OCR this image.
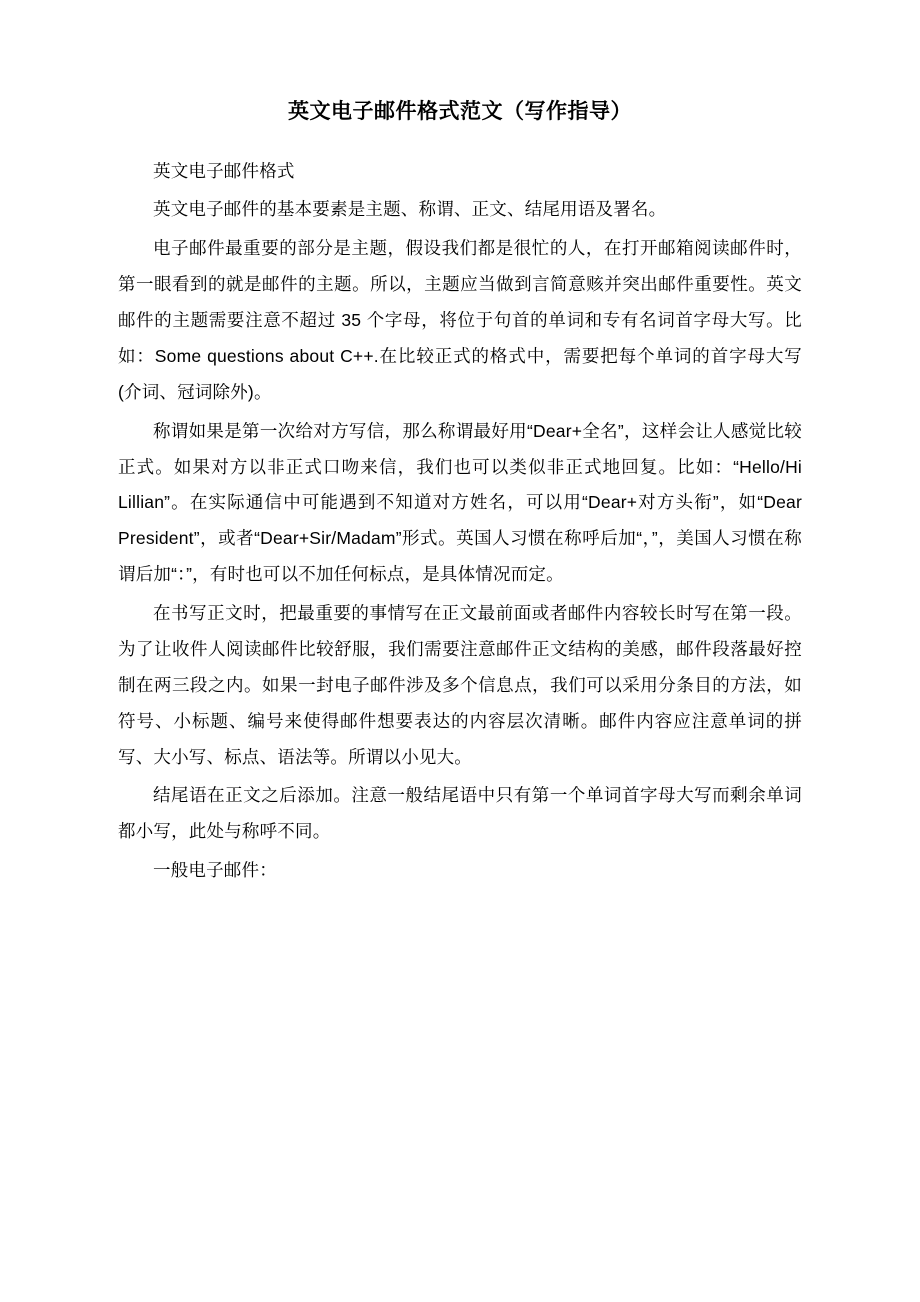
英文电子邮件格式范文（写作指导）

英文电子邮件格式

英文电子邮件的基本要素是主题、称谓、正文、结尾用语及署名。

电子邮件最重要的部分是主题，假设我们都是很忙的人，在打开邮箱阅读邮件时，第一眼看到的就是邮件的主题。所以，主题应当做到言简意赅并突出邮件重要性。英文邮件的主题需要注意不超过 35 个字母，将位于句首的单词和专有名词首字母大写。比如：Some questions about C++.在比较正式的格式中，需要把每个单词的首字母大写(介词、冠词除外)。

称谓如果是第一次给对方写信，那么称谓最好用“Dear+全名”，这样会让人感觉比较正式。如果对方以非正式口吻来信，我们也可以类似非正式地回复。比如：“Hello/Hi Lillian”。在实际通信中可能遇到不知道对方姓名，可以用“Dear+对方头衔”，如“Dear President”，或者“Dear+Sir/Madam”形式。英国人习惯在称呼后加“，”，美国人习惯在称谓后加“：”，有时也可以不加任何标点，是具体情况而定。

在书写正文时，把最重要的事情写在正文最前面或者邮件内容较长时写在第一段。为了让收件人阅读邮件比较舒服，我们需要注意邮件正文结构的美感，邮件段落最好控制在两三段之内。如果一封电子邮件涉及多个信息点，我们可以采用分条目的方法，如符号、小标题、编号来使得邮件想要表达的内容层次清晰。邮件内容应注意单词的拼写、大小写、标点、语法等。所谓以小见大。

结尾语在正文之后添加。注意一般结尾语中只有第一个单词首字母大写而剩余单词都小写，此处与称呼不同。

一般电子邮件：
